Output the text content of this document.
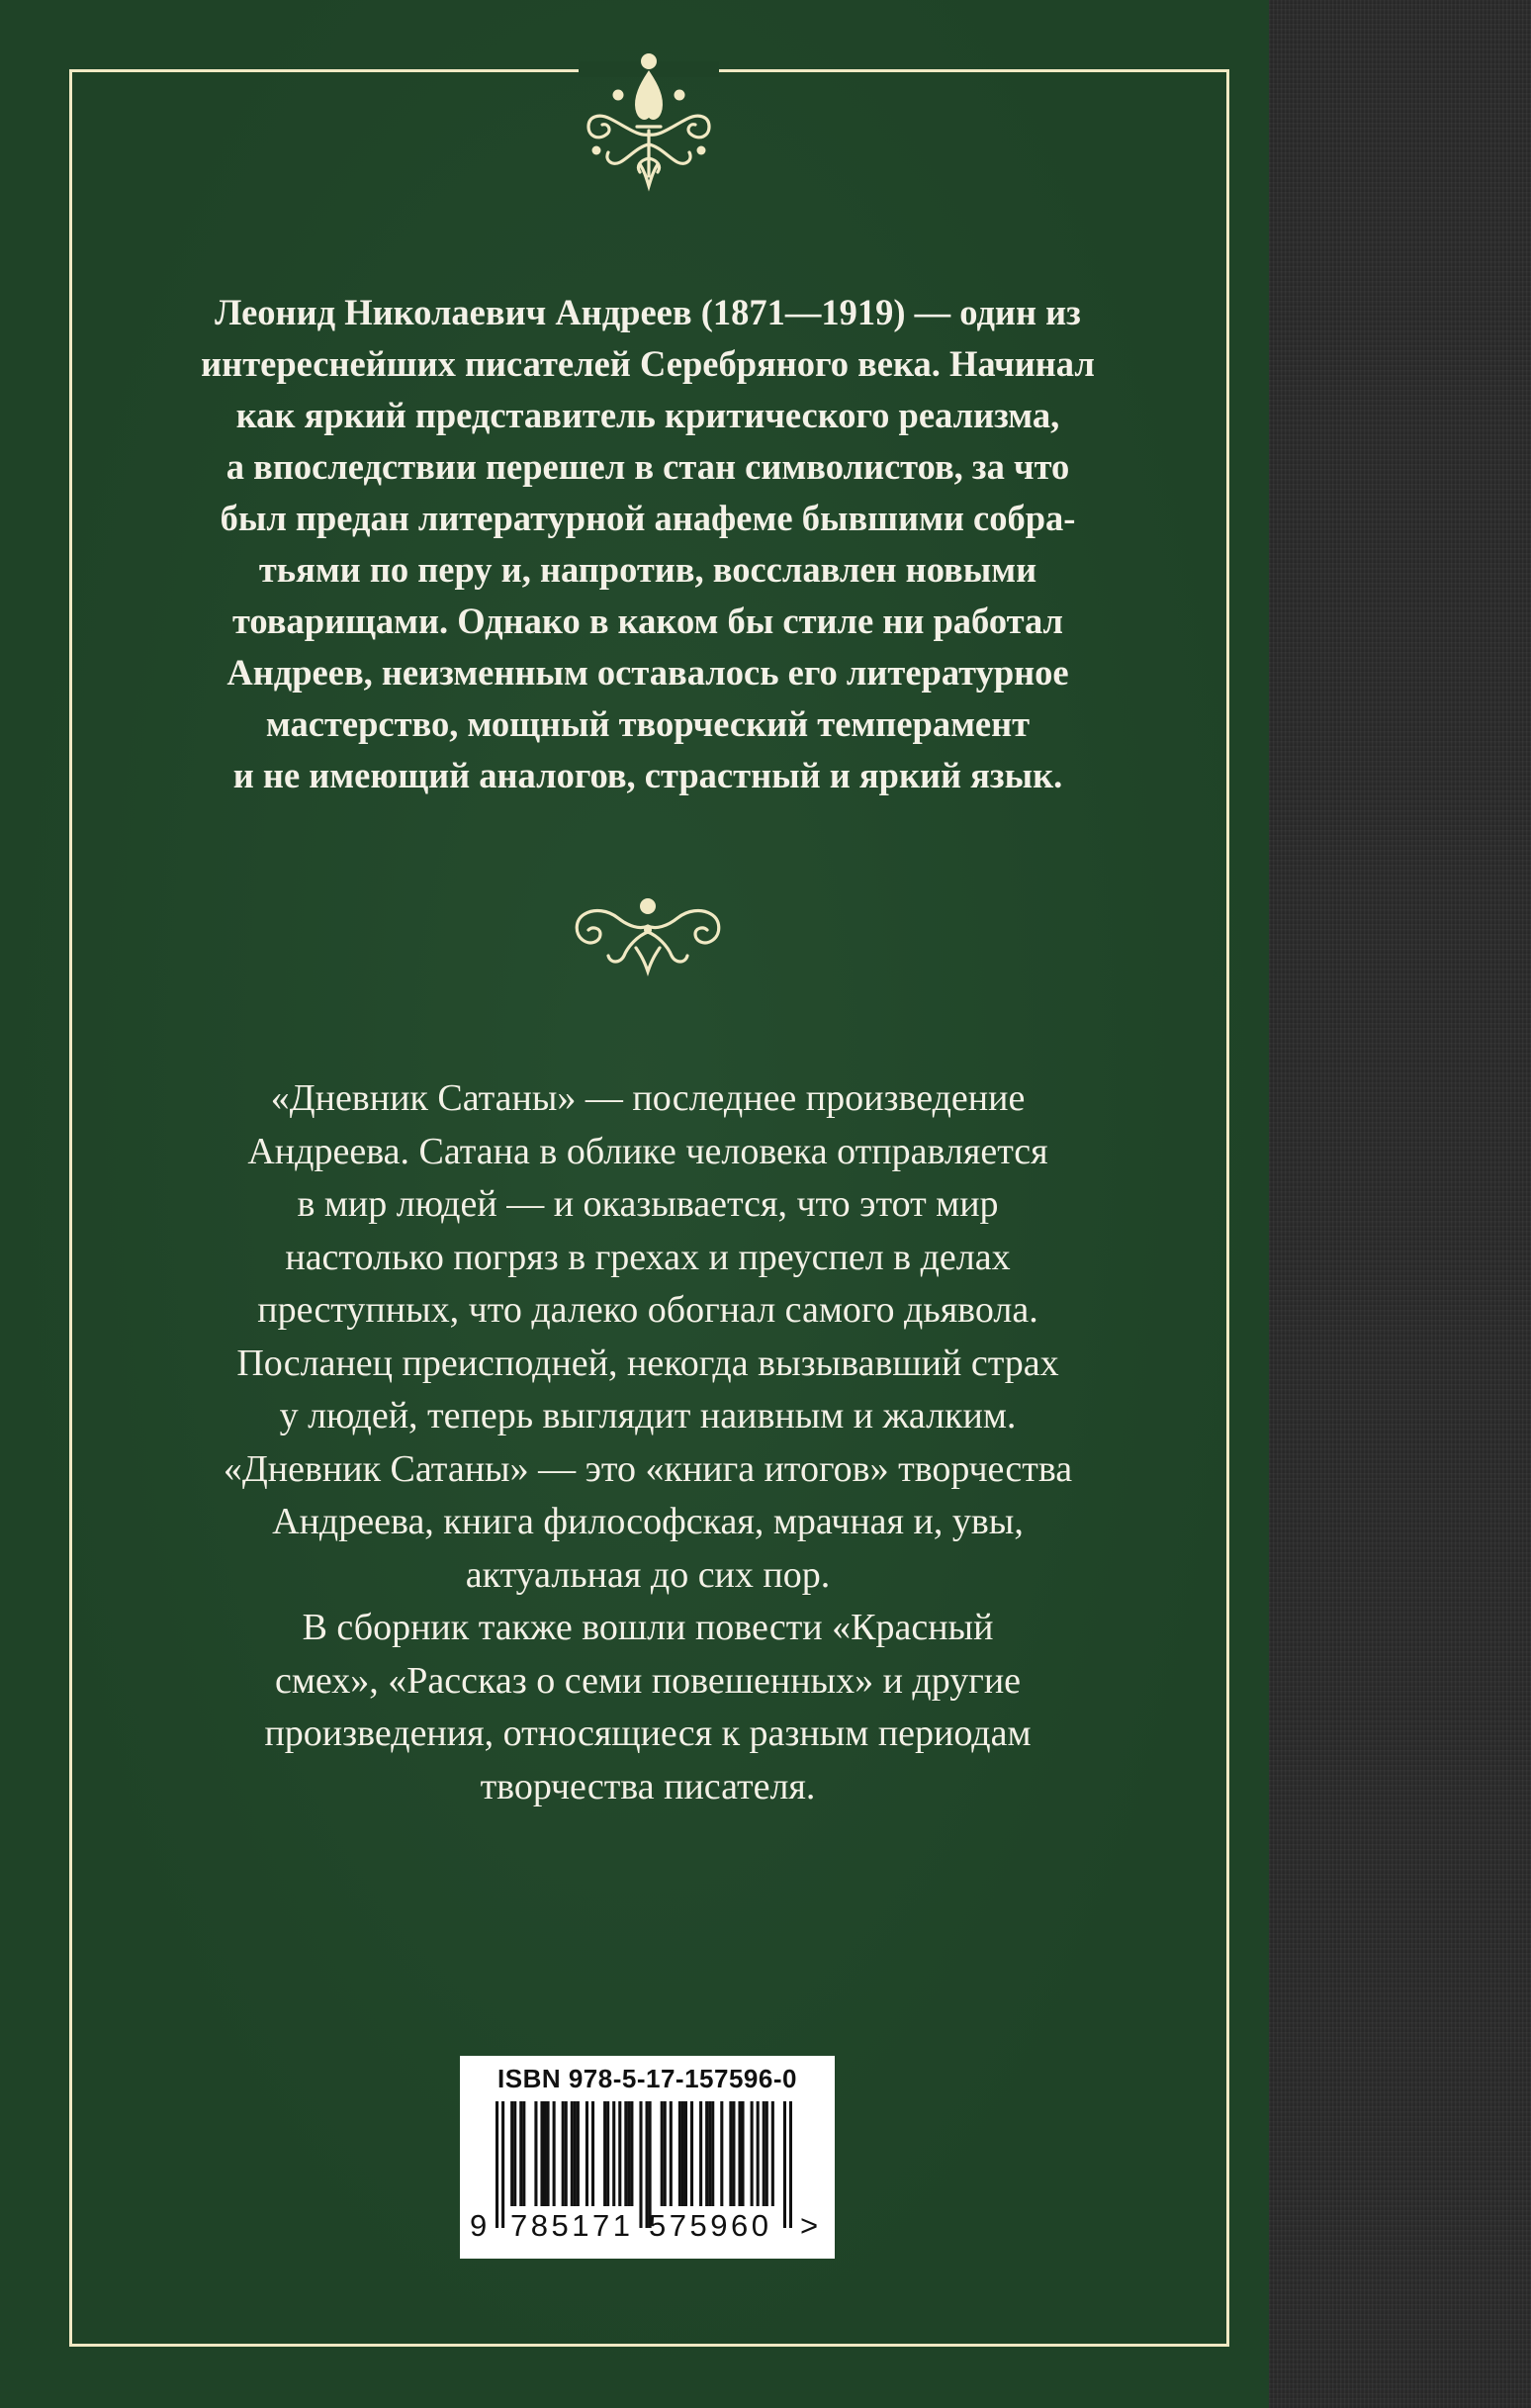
Леонид Николаевич Андреев (1871—1919) — один из
интереснейших писателей Серебряного века. Начинал
как яркий представитель критического реализма,
а впоследствии перешел в стан символистов, за что
был предан литературной анафеме бывшими собра-
тьями по перу и, напротив, восславлен новыми
товарищами. Однако в каком бы стиле ни работал
Андреев, неизменным оставалось его литературное
мастерство, мощный творческий темперамент
и не имеющий аналогов, страстный и яркий язык.
«Дневник Сатаны» — последнее произведение
Андреева. Сатана в облике человека отправляется
в мир людей — и оказывается, что этот мир
настолько погряз в грехах и преуспел в делах
преступных, что далеко обогнал самого дьявола.
Посланец преисподней, некогда вызывавший страх
у людей, теперь выглядит наивным и жалким.
«Дневник Сатаны» — это «книга итогов» творчества
Андреева, книга философская, мрачная и, увы,
актуальная до сих пор.
В сборник также вошли повести «Красный
смех», «Рассказ о семи повешенных» и другие
произведения, относящиеся к разным периодам
творчества писателя.
ISBN 978-5-17-157596-0
9 785171 575960 >
